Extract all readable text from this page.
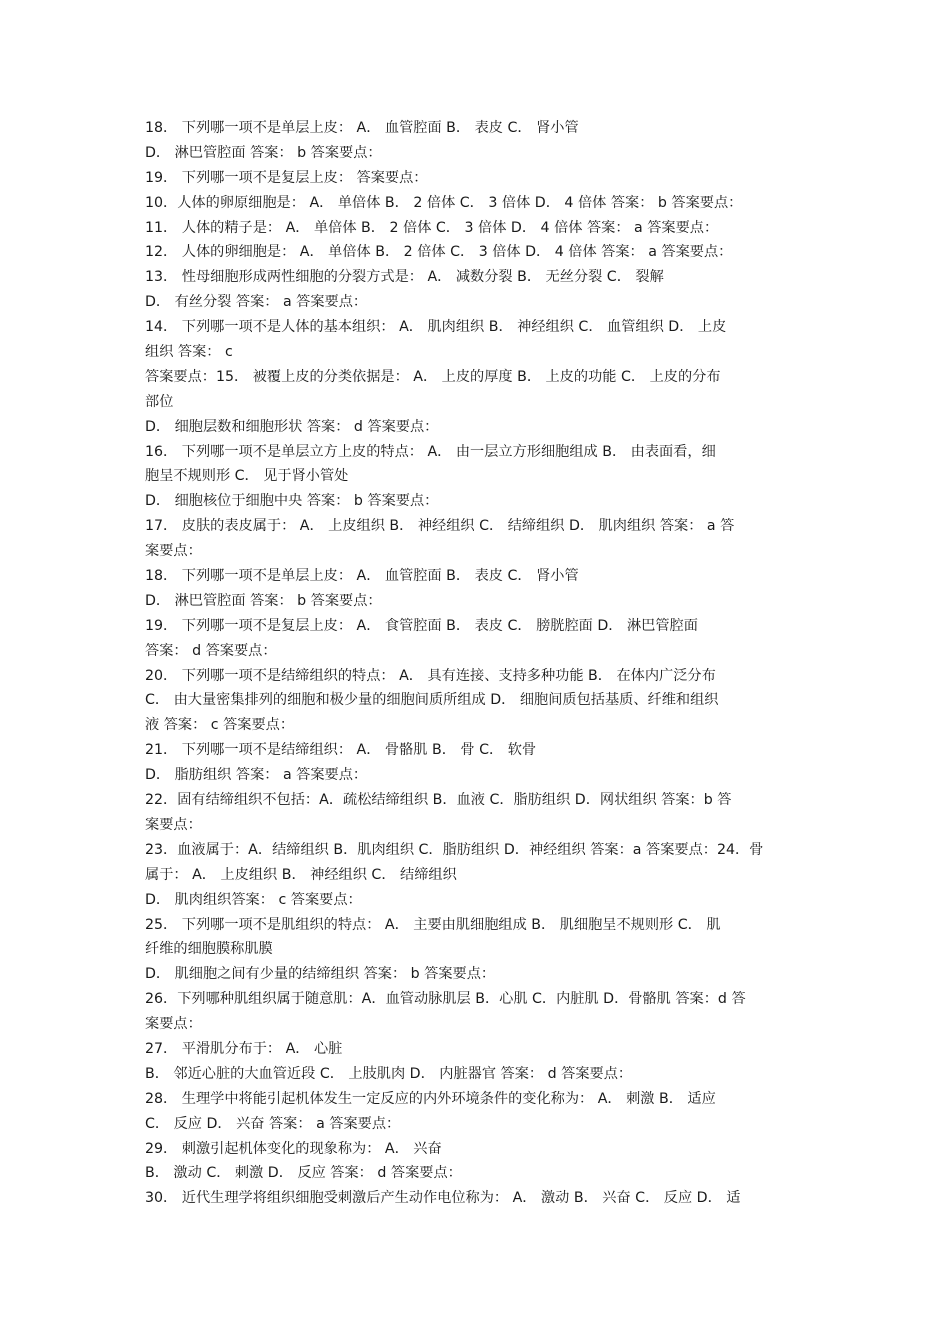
18． 下列哪一项不是单层上皮： A． 血管腔面 B． 表皮 C． 肾小管
D． 淋巴管腔面 答案： b 答案要点：
19． 下列哪一项不是复层上皮： 答案要点：
10．人体的卵原细胞是： A． 单倍体 B． 2 倍体 C． 3 倍体 D． 4 倍体 答案： b 答案要点：
11． 人体的精子是： A． 单倍体 B． 2 倍体 C． 3 倍体 D． 4 倍体 答案： a 答案要点：
12． 人体的卵细胞是： A． 单倍体 B． 2 倍体 C． 3 倍体 D． 4 倍体 答案： a 答案要点：
13． 性母细胞形成两性细胞的分裂方式是： A． 减数分裂 B． 无丝分裂 C． 裂解
D． 有丝分裂 答案： a 答案要点：
14． 下列哪一项不是人体的基本组织： A． 肌肉组织 B． 神经组织 C． 血管组织 D． 上皮
组织 答案： c
答案要点：15． 被覆上皮的分类依据是： A． 上皮的厚度 B． 上皮的功能 C． 上皮的分布
部位
D． 细胞层数和细胞形状 答案： d 答案要点：
16． 下列哪一项不是单层立方上皮的特点： A． 由一层立方形细胞组成 B． 由表面看，细
胞呈不规则形 C． 见于肾小管处
D． 细胞核位于细胞中央 答案： b 答案要点：
17． 皮肤的表皮属于： A． 上皮组织 B． 神经组织 C． 结缔组织 D． 肌肉组织 答案： a 答
案要点：
18． 下列哪一项不是单层上皮： A． 血管腔面 B． 表皮 C． 肾小管
D． 淋巴管腔面 答案： b 答案要点：
19． 下列哪一项不是复层上皮： A． 食管腔面 B． 表皮 C． 膀胱腔面 D． 淋巴管腔面
答案： d 答案要点：
20． 下列哪一项不是结缔组织的特点： A． 具有连接、支持多种功能 B． 在体内广泛分布
C． 由大量密集排列的细胞和极少量的细胞间质所组成 D． 细胞间质包括基质、纤维和组织
液 答案： c 答案要点：
21． 下列哪一项不是结缔组织： A． 骨骼肌 B． 骨 C． 软骨
D． 脂肪组织 答案： a 答案要点：
22．固有结缔组织不包括：A．疏松结缔组织 B．血液 C．脂肪组织 D．网状组织 答案：b 答
案要点：
23．血液属于：A．结缔组织 B．肌肉组织 C．脂肪组织 D．神经组织 答案：a 答案要点：24．骨
属于： A． 上皮组织 B． 神经组织 C． 结缔组织
D． 肌肉组织答案： c 答案要点：
25． 下列哪一项不是肌组织的特点： A． 主要由肌细胞组成 B． 肌细胞呈不规则形 C． 肌
纤维的细胞膜称肌膜
D． 肌细胞之间有少量的结缔组织 答案： b 答案要点：
26．下列哪种肌组织属于随意肌：A．血管动脉肌层 B．心肌 C．内脏肌 D．骨骼肌 答案：d 答
案要点：
27． 平滑肌分布于： A． 心脏
B． 邻近心脏的大血管近段 C． 上肢肌肉 D． 内脏器官 答案： d 答案要点：
28． 生理学中将能引起机体发生一定反应的内外环境条件的变化称为： A． 刺激 B． 适应
C． 反应 D． 兴奋 答案： a 答案要点：
29． 刺激引起机体变化的现象称为： A． 兴奋
B． 激动 C． 刺激 D． 反应 答案： d 答案要点：
30． 近代生理学将组织细胞受刺激后产生动作电位称为： A． 激动 B． 兴奋 C． 反应 D． 适
